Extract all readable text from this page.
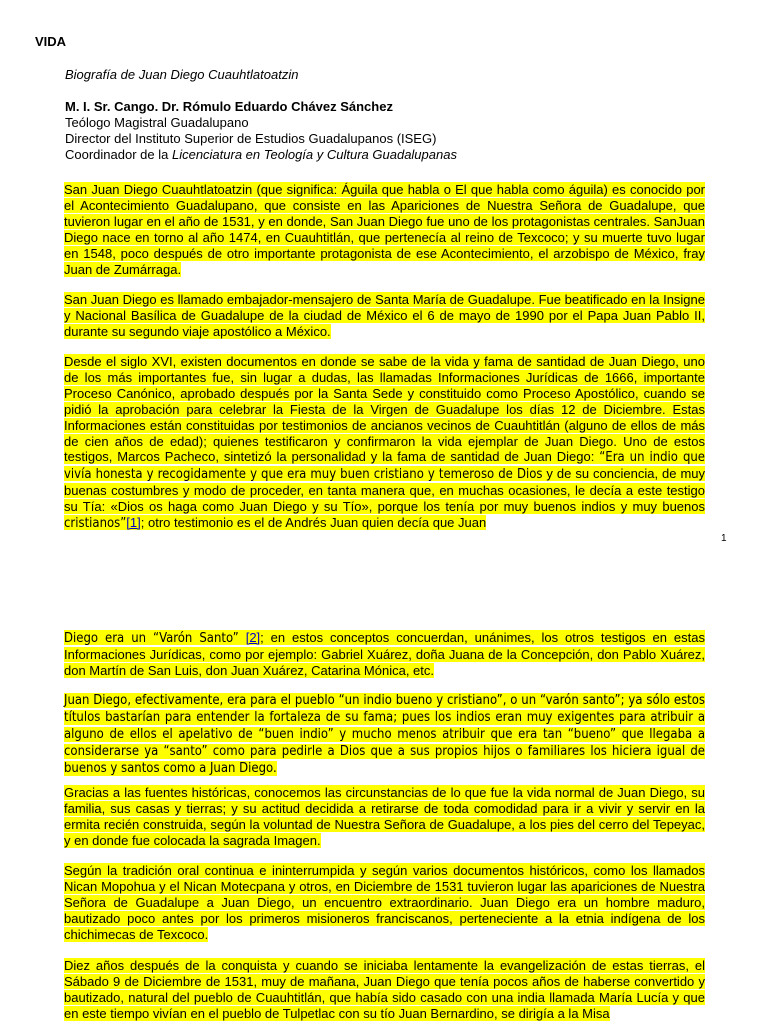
VIDA
Biografía de Juan Diego Cuauhtlatoatzin
M. I. Sr. Cango. Dr. Rómulo Eduardo Chávez Sánchez
Teólogo Magistral Guadalupano
Director del Instituto Superior de Estudios Guadalupanos (ISEG)
Coordinador de la Licenciatura en Teología y Cultura Guadalupanas

San Juan Diego Cuauhtlatoatzin (que significa: Águila que habla o El que habla como águila) es conocido por el Acontecimiento Guadalupano, que consiste en las Apariciones de Nuestra Señora de Guadalupe, que tuvieron lugar en el año de 1531, y en donde, San Juan Diego fue uno de los protagonistas centrales. SanJuan Diego nace en torno al año 1474, en Cuauhtitlán, que pertenecía al reino de Texcoco; y su muerte tuvo lugar en 1548, poco después de otro importante protagonista de ese Acontecimiento, el arzobispo de México, fray Juan de Zumárraga.

San Juan Diego es llamado embajador-mensajero de Santa María de Guadalupe. Fue beatificado en la Insigne y Nacional Basílica de Guadalupe de la ciudad de México el 6 de mayo de 1990 por el Papa Juan Pablo II, durante su segundo viaje apostólico a México.

Desde el siglo XVI, existen documentos en donde se sabe de la vida y fama de santidad de Juan Diego, uno de los más importantes fue, sin lugar a dudas, las llamadas Informaciones Jurídicas de 1666, importante Proceso Canónico, aprobado después por la Santa Sede y constituido como Proceso Apostólico, cuando se pidió la aprobación para celebrar la Fiesta de la Virgen de Guadalupe los días 12 de Diciembre. Estas Informaciones están constituidas por testimonios de ancianos vecinos de Cuauhtitlán (alguno de ellos de más de cien años de edad); quienes testificaron y confirmaron la vida ejemplar de Juan Diego. Uno de estos testigos, Marcos Pacheco, sintetizó la personalidad y la fama de santidad de Juan Diego: “Era un indio que vivía honesta y recogidamente y que era muy buen cristiano y temeroso de Dios y de su conciencia, de muy buenas costumbres y modo de proceder, en tanta manera que, en muchas ocasiones, le decía a este testigo su Tía: «Dios os haga como Juan Diego y su Tío», porque los tenía por muy buenos indios y muy buenos cristianos”[1]; otro testimonio es el de Andrés Juan quien decía que Juan

1

Diego era un “Varón Santo” [2]; en estos conceptos concuerdan, unánimes, los otros testigos en estas Informaciones Jurídicas, como por ejemplo: Gabriel Xuárez, doña Juana de la Concepción, don Pablo Xuárez, don Martín de San Luis, don Juan Xuárez, Catarina Mónica, etc.

Juan Diego, efectivamente, era para el pueblo “un indio bueno y cristiano”, o un “varón santo”; ya sólo estos títulos bastarían para entender la fortaleza de su fama; pues los indios eran muy exigentes para atribuir a alguno de ellos el apelativo de “buen indio” y mucho menos atribuir que era tan “bueno” que llegaba a considerarse ya “santo” como para pedirle a Dios que a sus propios hijos o familiares los hiciera igual de buenos y santos como a Juan Diego.

Gracias a las fuentes históricas, conocemos las circunstancias de lo que fue la vida normal de Juan Diego, su familia, sus casas y tierras; y su actitud decidida a retirarse de toda comodidad para ir a vivir y servir en la ermita recién construida, según la voluntad de Nuestra Señora de Guadalupe, a los pies del cerro del Tepeyac, y en donde fue colocada la sagrada Imagen.

Según la tradición oral continua e ininterrumpida y según varios documentos históricos, como los llamados Nican Mopohua y el Nican Motecpana y otros, en Diciembre de 1531 tuvieron lugar las apariciones de Nuestra Señora de Guadalupe a Juan Diego, un encuentro extraordinario. Juan Diego era un hombre maduro, bautizado poco antes por los primeros misioneros franciscanos, perteneciente a la etnia indígena de los chichimecas de Texcoco.

Diez años después de la conquista y cuando se iniciaba lentamente la evangelización de estas tierras, el Sábado 9 de Diciembre de 1531, muy de mañana, Juan Diego que tenía pocos años de haberse convertido y bautizado, natural del pueblo de Cuauhtitlán, que había sido casado con una india llamada María Lucía y que en este tiempo vivían en el pueblo de Tulpetlac con su tío Juan Bernardino, se dirigía a la Misa
